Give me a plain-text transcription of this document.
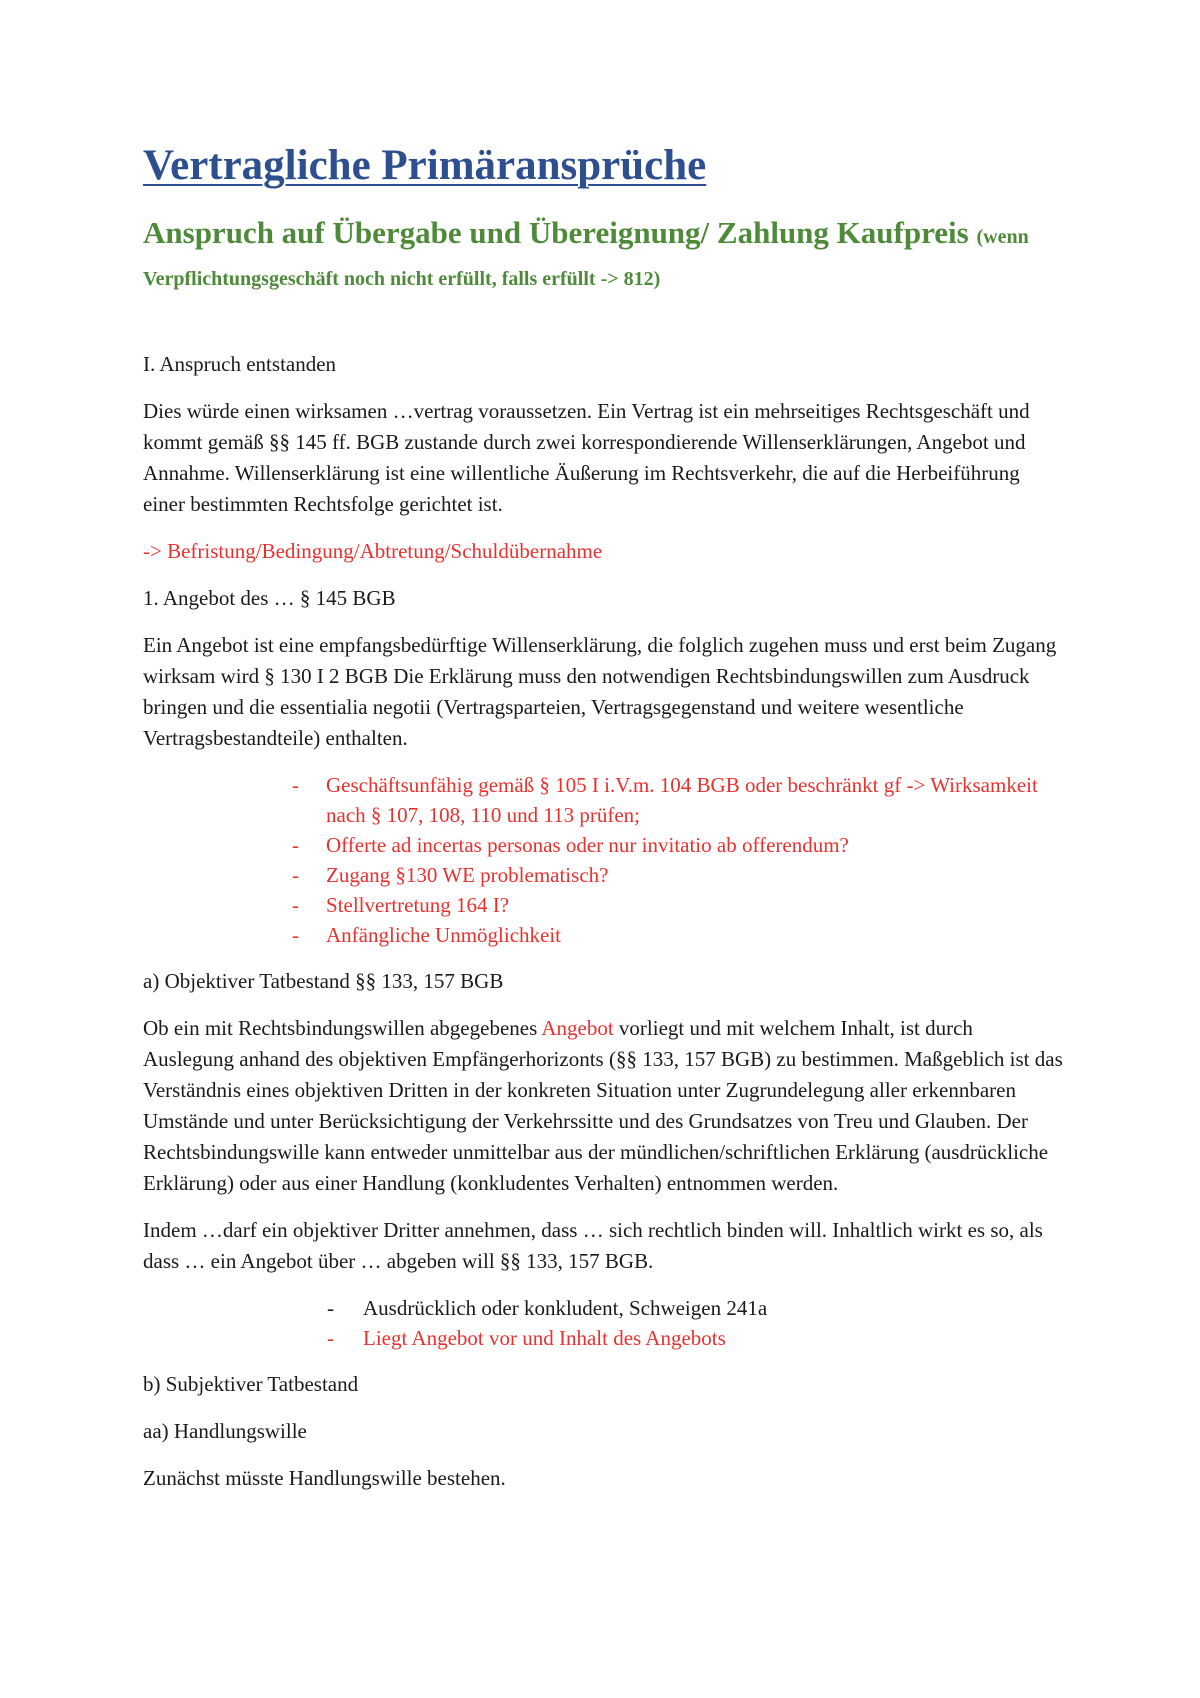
Vertragliche Primäransprüche
Anspruch auf Übergabe und Übereignung/ Zahlung Kaufpreis (wenn Verpflichtungsgeschäft noch nicht erfüllt, falls erfüllt -> 812)

I. Anspruch entstanden

Dies würde einen wirksamen …vertrag voraussetzen. Ein Vertrag ist ein mehrseitiges Rechtsgeschäft und kommt gemäß §§ 145 ff. BGB zustande durch zwei korrespondierende Willenserklärungen, Angebot und Annahme. Willenserklärung ist eine willentliche Äußerung im Rechtsverkehr, die auf die Herbeiführung einer bestimmten Rechtsfolge gerichtet ist.

-> Befristung/Bedingung/Abtretung/Schuldübernahme

1. Angebot des … § 145 BGB

Ein Angebot ist eine empfangsbedürftige Willenserklärung, die folglich zugehen muss und erst beim Zugang wirksam wird § 130 I 2 BGB Die Erklärung muss den notwendigen Rechtsbindungswillen zum Ausdruck bringen und die essentialia negotii (Vertragsparteien, Vertragsgegenstand und weitere wesentliche Vertragsbestandteile) enthalten.

- Geschäftsunfähig gemäß § 105 I i.V.m. 104 BGB oder beschränkt gf -> Wirksamkeit nach § 107, 108, 110 und 113 prüfen;
- Offerte ad incertas personas oder nur invitatio ab offerendum?
- Zugang §130 WE problematisch?
- Stellvertretung 164 I?
- Anfängliche Unmöglichkeit

a) Objektiver Tatbestand §§ 133, 157 BGB

Ob ein mit Rechtsbindungswillen abgegebenes Angebot vorliegt und mit welchem Inhalt, ist durch Auslegung anhand des objektiven Empfängerhorizonts (§§ 133, 157 BGB) zu bestimmen. Maßgeblich ist das Verständnis eines objektiven Dritten in der konkreten Situation unter Zugrundelegung aller erkennbaren Umstände und unter Berücksichtigung der Verkehrssitte und des Grundsatzes von Treu und Glauben. Der Rechtsbindungswille kann entweder unmittelbar aus der mündlichen/schriftlichen Erklärung (ausdrückliche Erklärung) oder aus einer Handlung (konkludentes Verhalten) entnommen werden.

Indem …darf ein objektiver Dritter annehmen, dass … sich rechtlich binden will. Inhaltlich wirkt es so, als dass … ein Angebot über … abgeben will §§ 133, 157 BGB.

- Ausdrücklich oder konkludent, Schweigen 241a
- Liegt Angebot vor und Inhalt des Angebots

b) Subjektiver Tatbestand

aa) Handlungswille

Zunächst müsste Handlungswille bestehen.
